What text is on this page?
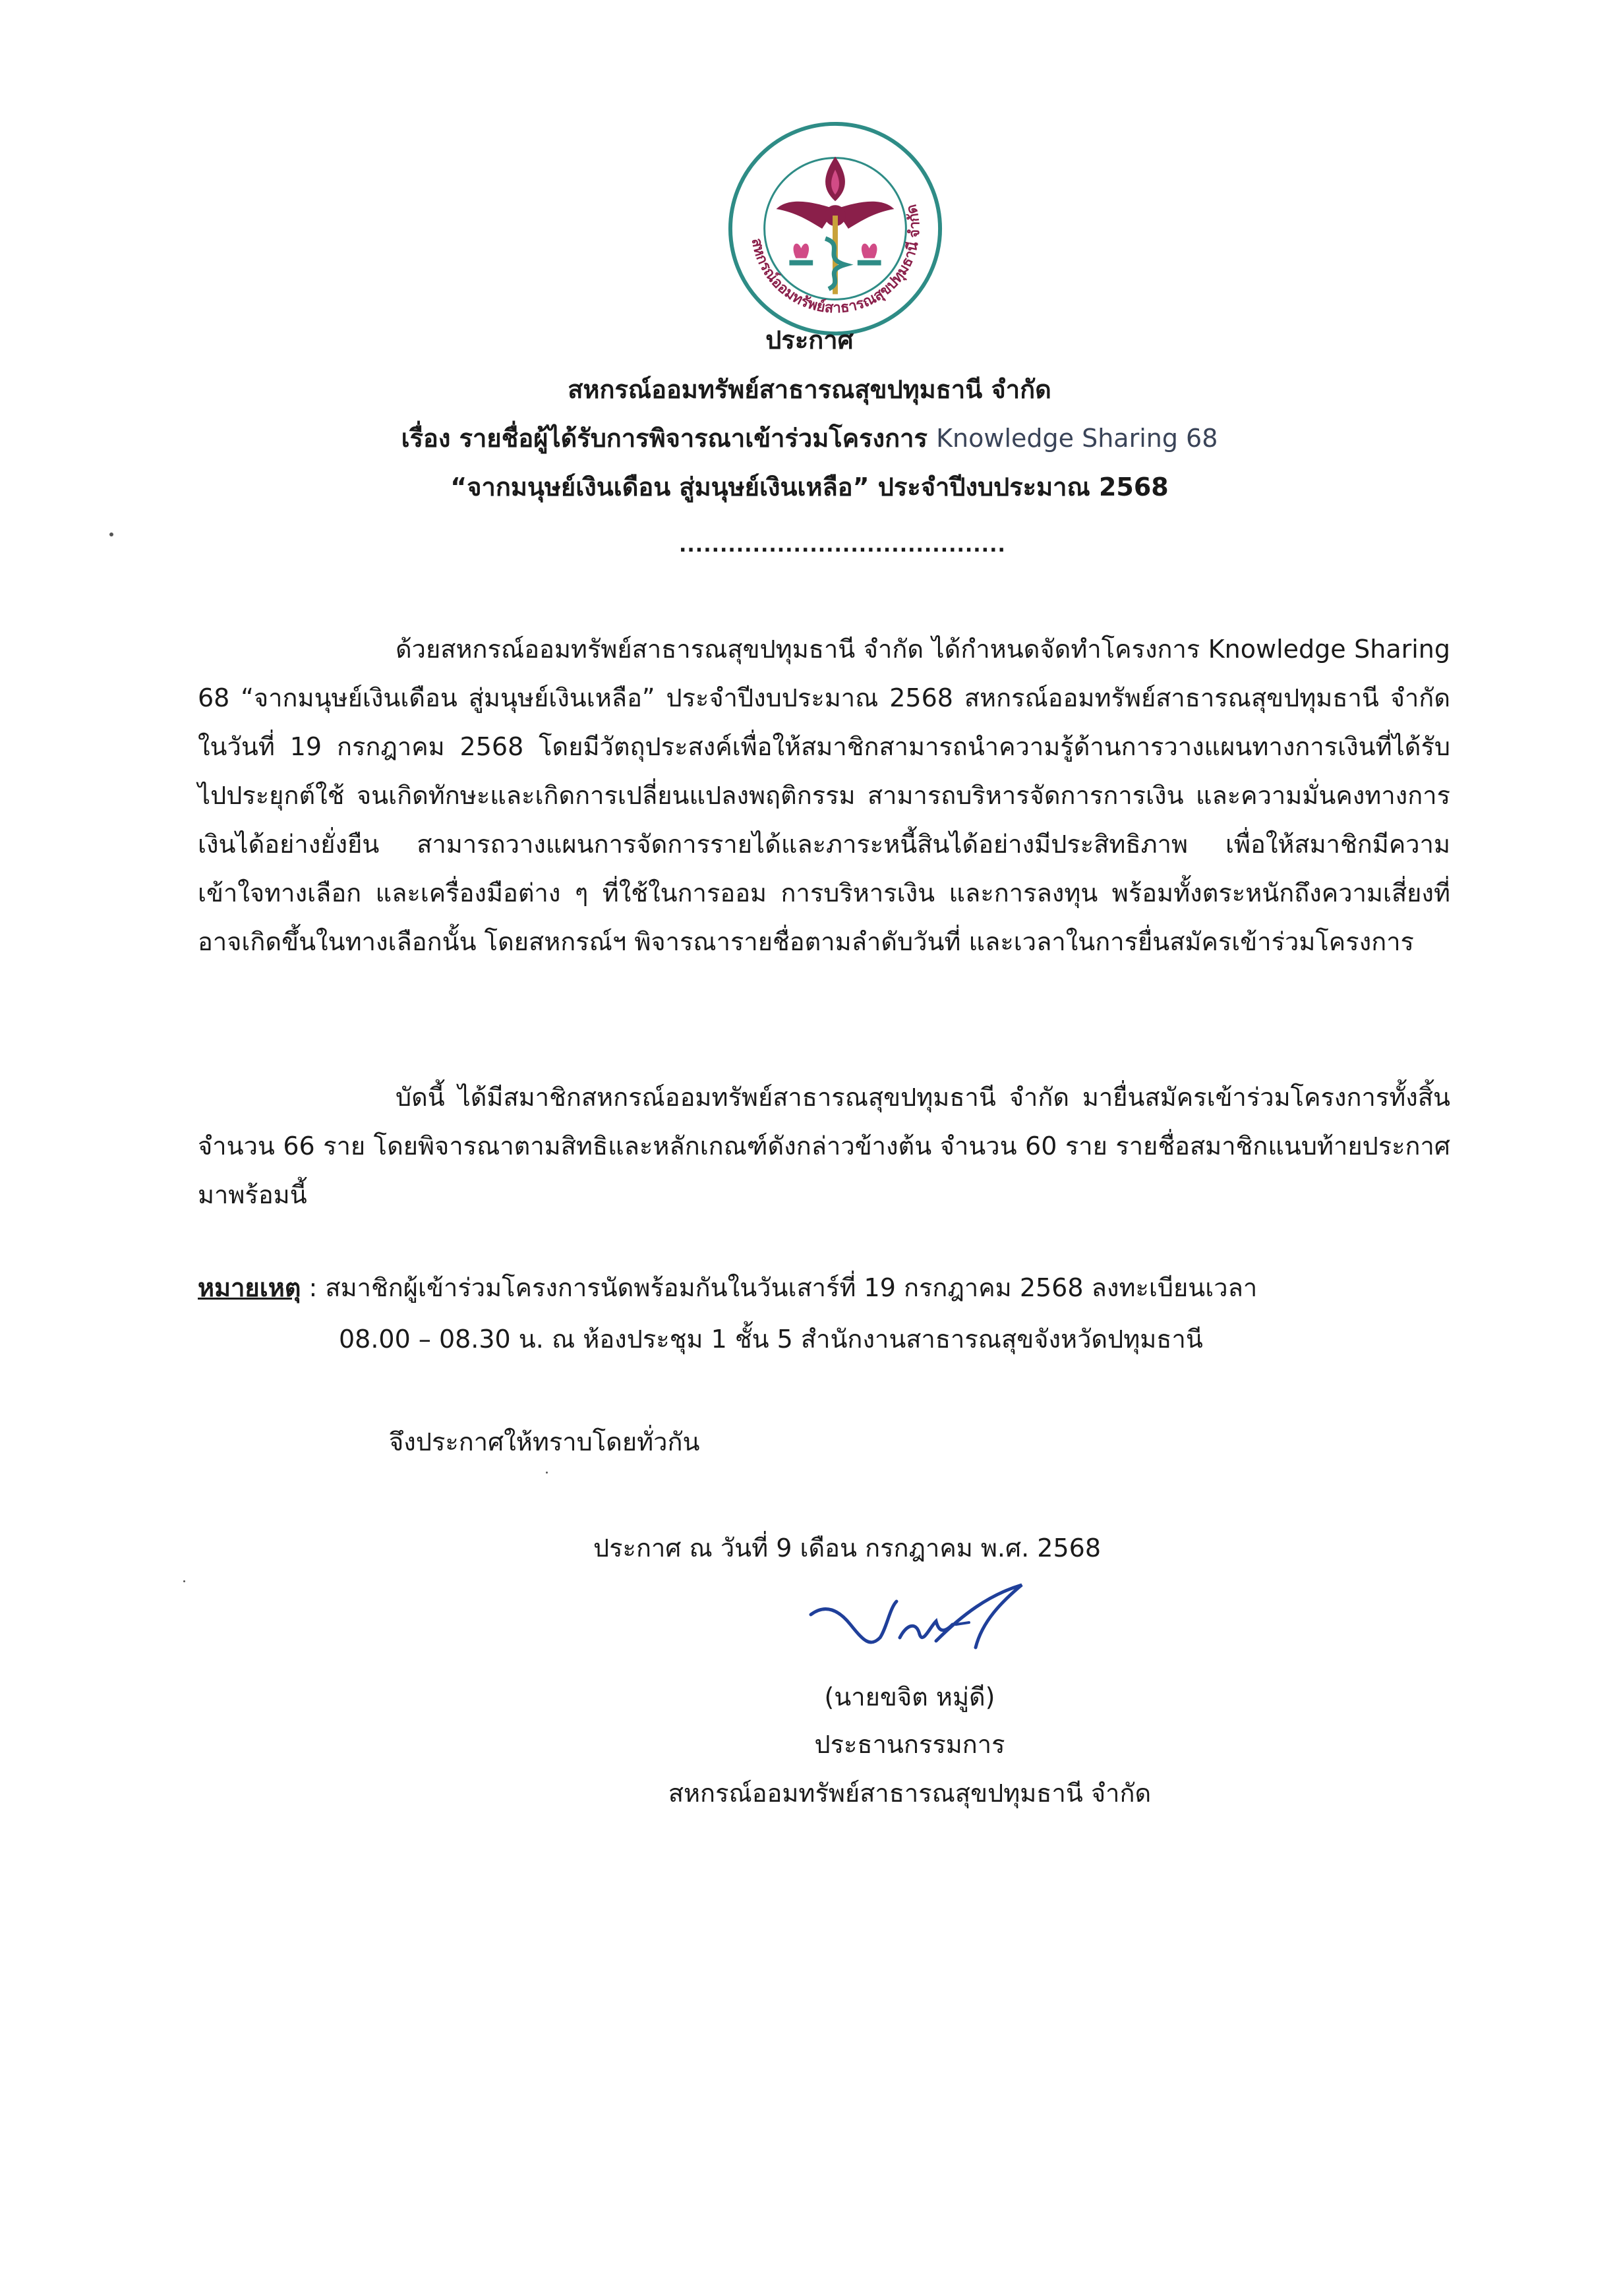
สหกรณ์ออมทรัพย์สาธารณสุขปทุมธานี จำกัด
ประกาศ
สหกรณ์ออมทรัพย์สาธารณสุขปทุมธานี จำกัด
เรื่อง รายชื่อผู้ได้รับการพิจารณาเข้าร่วมโครงการ Knowledge Sharing 68
“จากมนุษย์เงินเดือน สู่มนุษย์เงินเหลือ” ประจำปีงบประมาณ 2568
........................................
ด้วยสหกรณ์ออมทรัพย์สาธารณสุขปทุมธานี จำกัด ได้กำหนดจัดทำโครงการ Knowledge Sharing 68 “จากมนุษย์เงินเดือน สู่มนุษย์เงินเหลือ” ประจำปีงบประมาณ 2568 สหกรณ์ออมทรัพย์สาธารณสุขปทุมธานี จำกัด ในวันที่ 19 กรกฎาคม 2568 โดยมีวัตถุประสงค์เพื่อให้สมาชิกสามารถนำความรู้ด้านการวางแผนทางการเงินที่ได้รับไปประยุกต์ใช้ จนเกิดทักษะและเกิดการเปลี่ยนแปลงพฤติกรรม สามารถบริหารจัดการการเงิน และความมั่นคงทางการเงินได้อย่างยั่งยืน สามารถวางแผนการจัดการรายได้และภาระหนี้สินได้อย่างมีประสิทธิภาพ เพื่อให้สมาชิกมีความเข้าใจทางเลือก และเครื่องมือต่าง ๆ ที่ใช้ในการออม การบริหารเงิน และการลงทุน พร้อมทั้งตระหนักถึงความเสี่ยงที่อาจเกิดขึ้นในทางเลือกนั้น โดยสหกรณ์ฯ พิจารณารายชื่อตามลำดับวันที่ และเวลาในการยื่นสมัครเข้าร่วมโครงการ
บัดนี้ ได้มีสมาชิกสหกรณ์ออมทรัพย์สาธารณสุขปทุมธานี จำกัด มายื่นสมัครเข้าร่วมโครงการทั้งสิ้นจำนวน 66 ราย โดยพิจารณาตามสิทธิและหลักเกณฑ์ดังกล่าวข้างต้น จำนวน 60 ราย รายชื่อสมาชิกแนบท้ายประกาศ มาพร้อมนี้
หมายเหตุ : สมาชิกผู้เข้าร่วมโครงการนัดพร้อมกันในวันเสาร์ที่ 19 กรกฎาคม 2568 ลงทะเบียนเวลา
08.00 – 08.30 น. ณ ห้องประชุม 1 ชั้น 5 สำนักงานสาธารณสุขจังหวัดปทุมธานี
จึงประกาศให้ทราบโดยทั่วกัน
ประกาศ ณ วันที่ 9 เดือน กรกฎาคม พ.ศ. 2568
(นายขจิต หมู่ดี)
ประธานกรรมการ
สหกรณ์ออมทรัพย์สาธารณสุขปทุมธานี จำกัด
